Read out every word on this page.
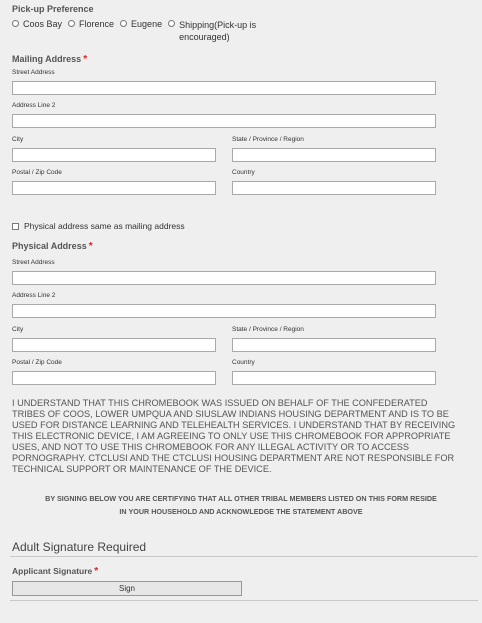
Pick-up Preference
Coos Bay Florence Eugene Shipping(Pick-up is
encouraged)
Mailing Address *
Street Address
Address Line 2
City	State / Province / Region
Postal / Zip Code	Country
Physical address same as mailing address
Physical Address *
Street Address
Address Line 2
City	State / Province / Region
Postal / Zip Code	Country
I UNDERSTAND THAT THIS CHROMEBOOK WAS ISSUED ON BEHALF OF THE CONFEDERATED
TRIBES OF COOS, LOWER UMPQUA AND SIUSLAW INDIANS HOUSING DEPARTMENT AND IS TO BE
USED FOR DISTANCE LEARNING AND TELEHEALTH SERVICES. I UNDERSTAND THAT BY RECEIVING
THIS ELECTRONIC DEVICE, I AM AGREEING TO ONLY USE THIS CHROMEBOOK FOR APPROPRIATE
USES, AND NOT TO USE THIS CHROMEBOOK FOR ANY ILLEGAL ACTIVITY OR TO ACCESS
PORNOGRAPHY. CTCLUSI AND THE CTCLUSI HOUSING DEPARTMENT ARE NOT RESPONSIBLE FOR
TECHNICAL SUPPORT OR MAINTENANCE OF THE DEVICE.
BY SIGNING BELOW YOU ARE CERTIFYING THAT ALL OTHER TRIBAL MEMBERS LISTED ON THIS FORM RESIDE
IN YOUR HOUSEHOLD AND ACKNOWLEDGE THE STATEMENT ABOVE
Adult Signature Required
Applicant Signature *
Sign
